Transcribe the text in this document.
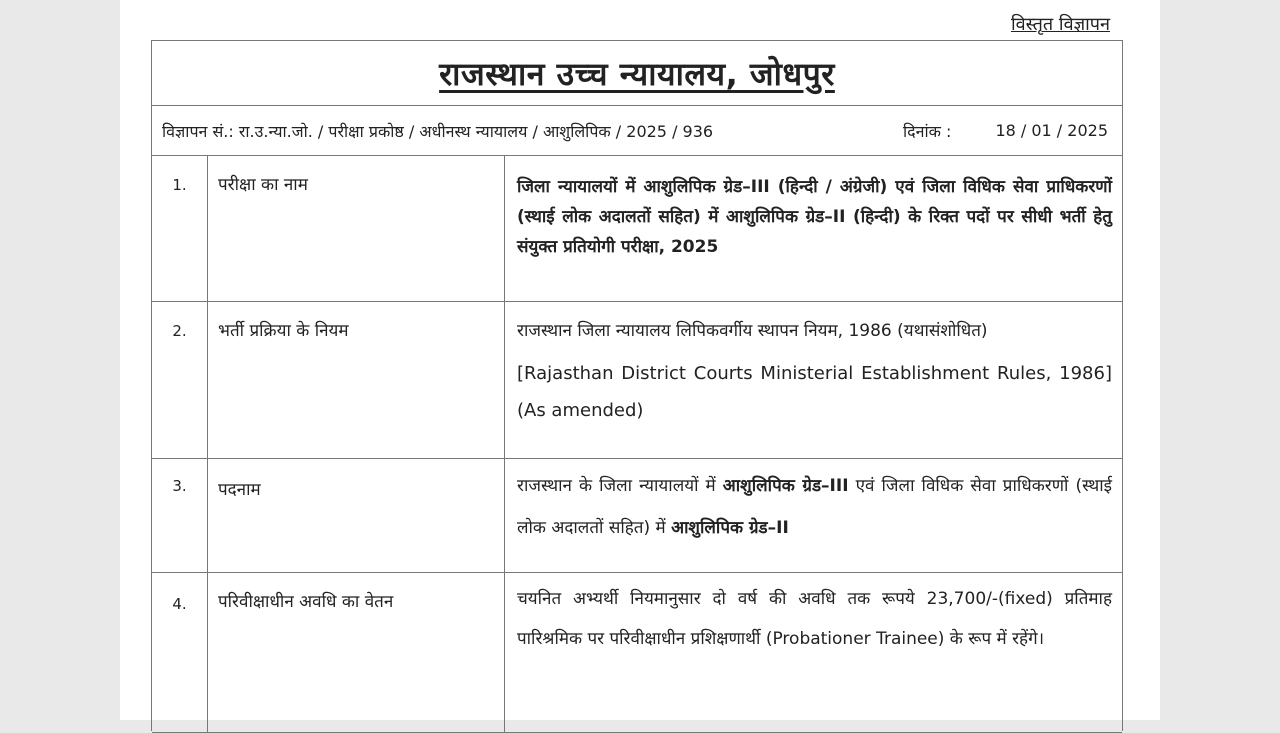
विस्तृत विज्ञापन
राजस्थान उच्च न्यायालय, जोधपुर
विज्ञापन सं.: रा.उ.न्या.जो. / परीक्षा प्रकोष्ठ / अधीनस्थ न्यायालय / आशुलिपिक / 2025 / 936	दिनांक :	18 / 01 / 2025
1.	परीक्षा का नाम	जिला न्यायालयों में आशुलिपिक ग्रेड–III (हिन्दी / अंग्रेजी) एवं जिला विधिक सेवा प्राधिकरणों (स्थाई लोक अदालतों सहित) में आशुलिपिक ग्रेड–II (हिन्दी) के रिक्त पदों पर सीधी भर्ती हेतु संयुक्त प्रतियोगी परीक्षा, 2025
2.	भर्ती प्रक्रिया के नियम	राजस्थान जिला न्यायालय लिपिकवर्गीय स्थापन नियम, 1986 (यथासंशोधित)

[Rajasthan District Courts Ministerial Establishment Rules, 1986]

(As amended)

3.	पदनाम	राजस्थान के जिला न्यायालयों में आशुलिपिक ग्रेड–III एवं जिला विधिक सेवा प्राधिकरणों (स्थाई लोक अदालतों सहित) में आशुलिपिक ग्रेड–II
4.	परिवीक्षाधीन अवधि का वेतन	चयनित अभ्यर्थी नियमानुसार दो वर्ष की अवधि तक रूपये 23,700/-(fixed) प्रतिमाह पारिश्रमिक पर परिवीक्षाधीन प्रशिक्षणार्थी (Probationer Trainee) के रूप में रहेंगे।
